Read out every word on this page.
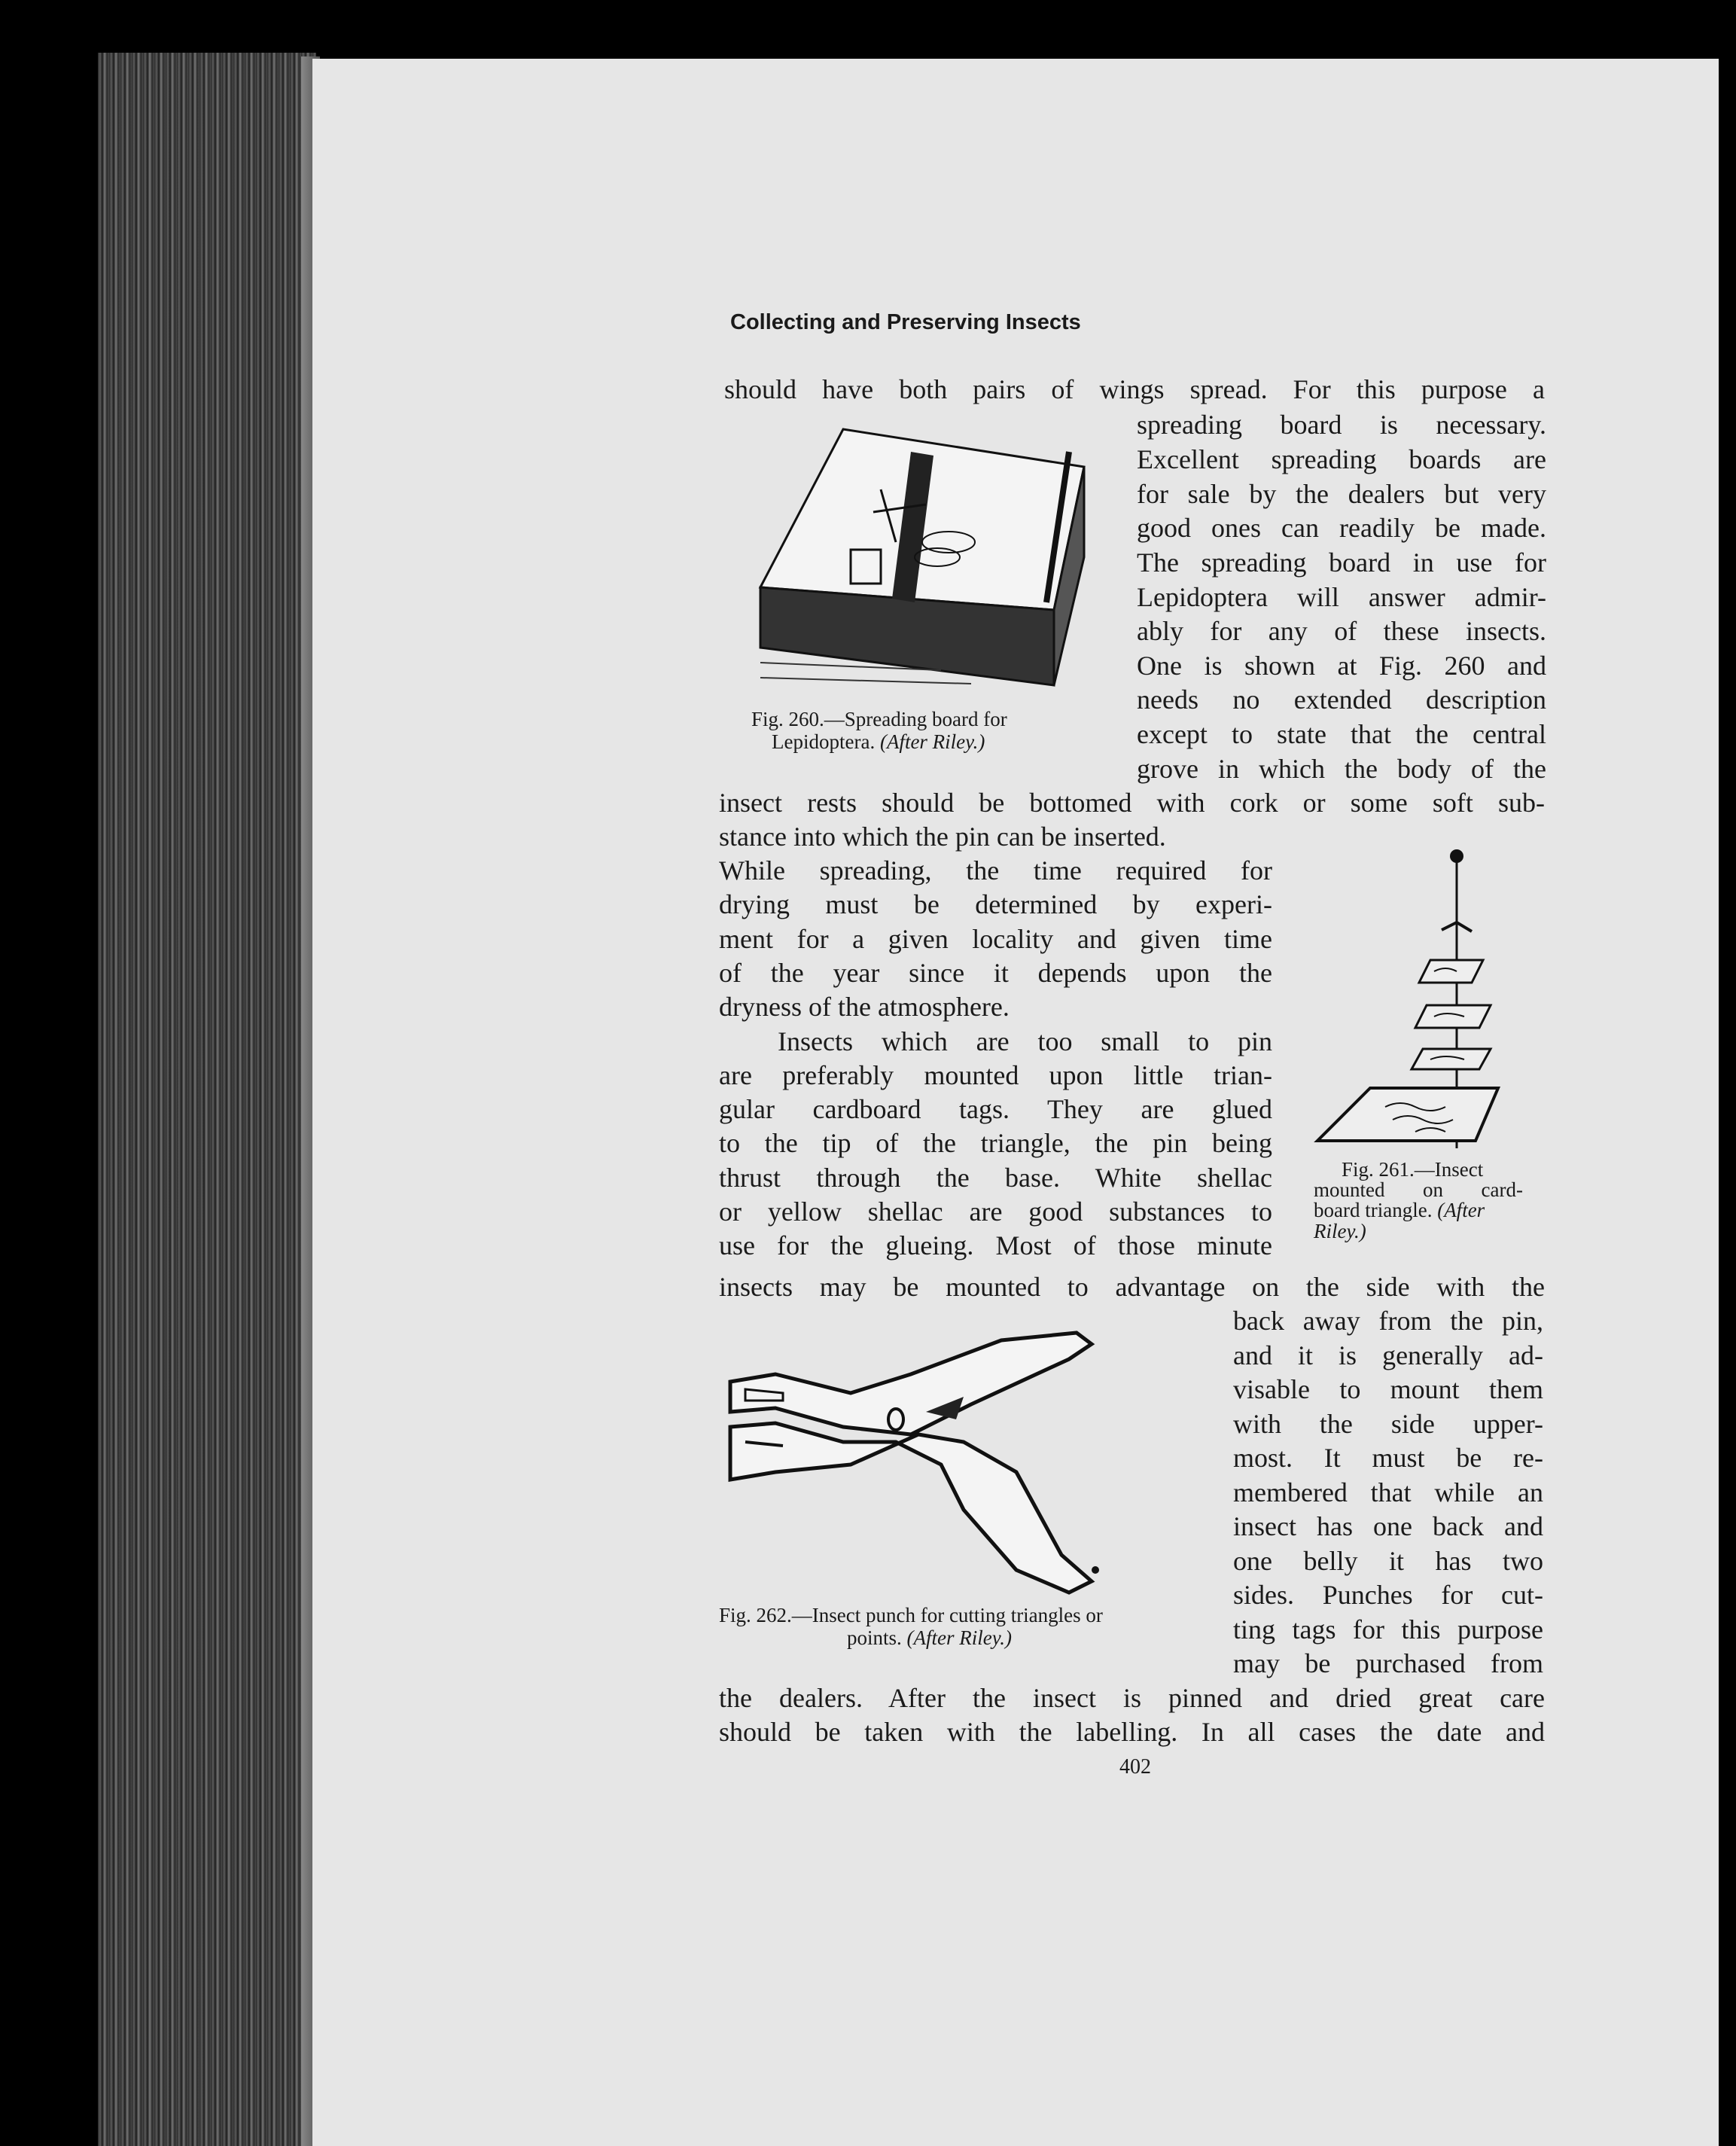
Collecting and Preserving Insects
should have both pairs of wings spread. For this purpose a
spreading board is necessary.
Excellent spreading boards are
for sale by the dealers but very
good ones can readily be made.
The spreading board in use for
Lepidoptera will answer admir-
ably for any of these insects.
One is shown at Fig. 260 and
needs no extended description
except to state that the central
grove in which the body of the
insect rests should be bottomed with cork or some soft sub-
stance into which the pin can be inserted.
While spreading, the time required for
drying must be determined by experi-
ment for a given locality and given time
of the year since it depends upon the
dryness of the atmosphere.
Insects which are too small to pin
are preferably mounted upon little trian-
gular cardboard tags. They are glued
to the tip of the triangle, the pin being
thrust through the base. White shellac
or yellow shellac are good substances to
use for the glueing. Most of those minute
insects may be mounted to advantage on the side with the
back away from the pin,
and it is generally ad-
visable to mount them
with the side upper-
most. It must be re-
membered that while an
insect has one back and
one belly it has two
sides. Punches for cut-
ting tags for this purpose
may be purchased from
the dealers. After the insect is pinned and dried great care
should be taken with the labelling. In all cases the date and
402
Fig. 260.—Spreading board for
Lepidoptera. (After Riley.)
Fig. 261.—Insect
mounted on card-
board triangle. (After
Riley.)
Fig. 262.—Insect punch for cutting triangles or
points. (After Riley.)
